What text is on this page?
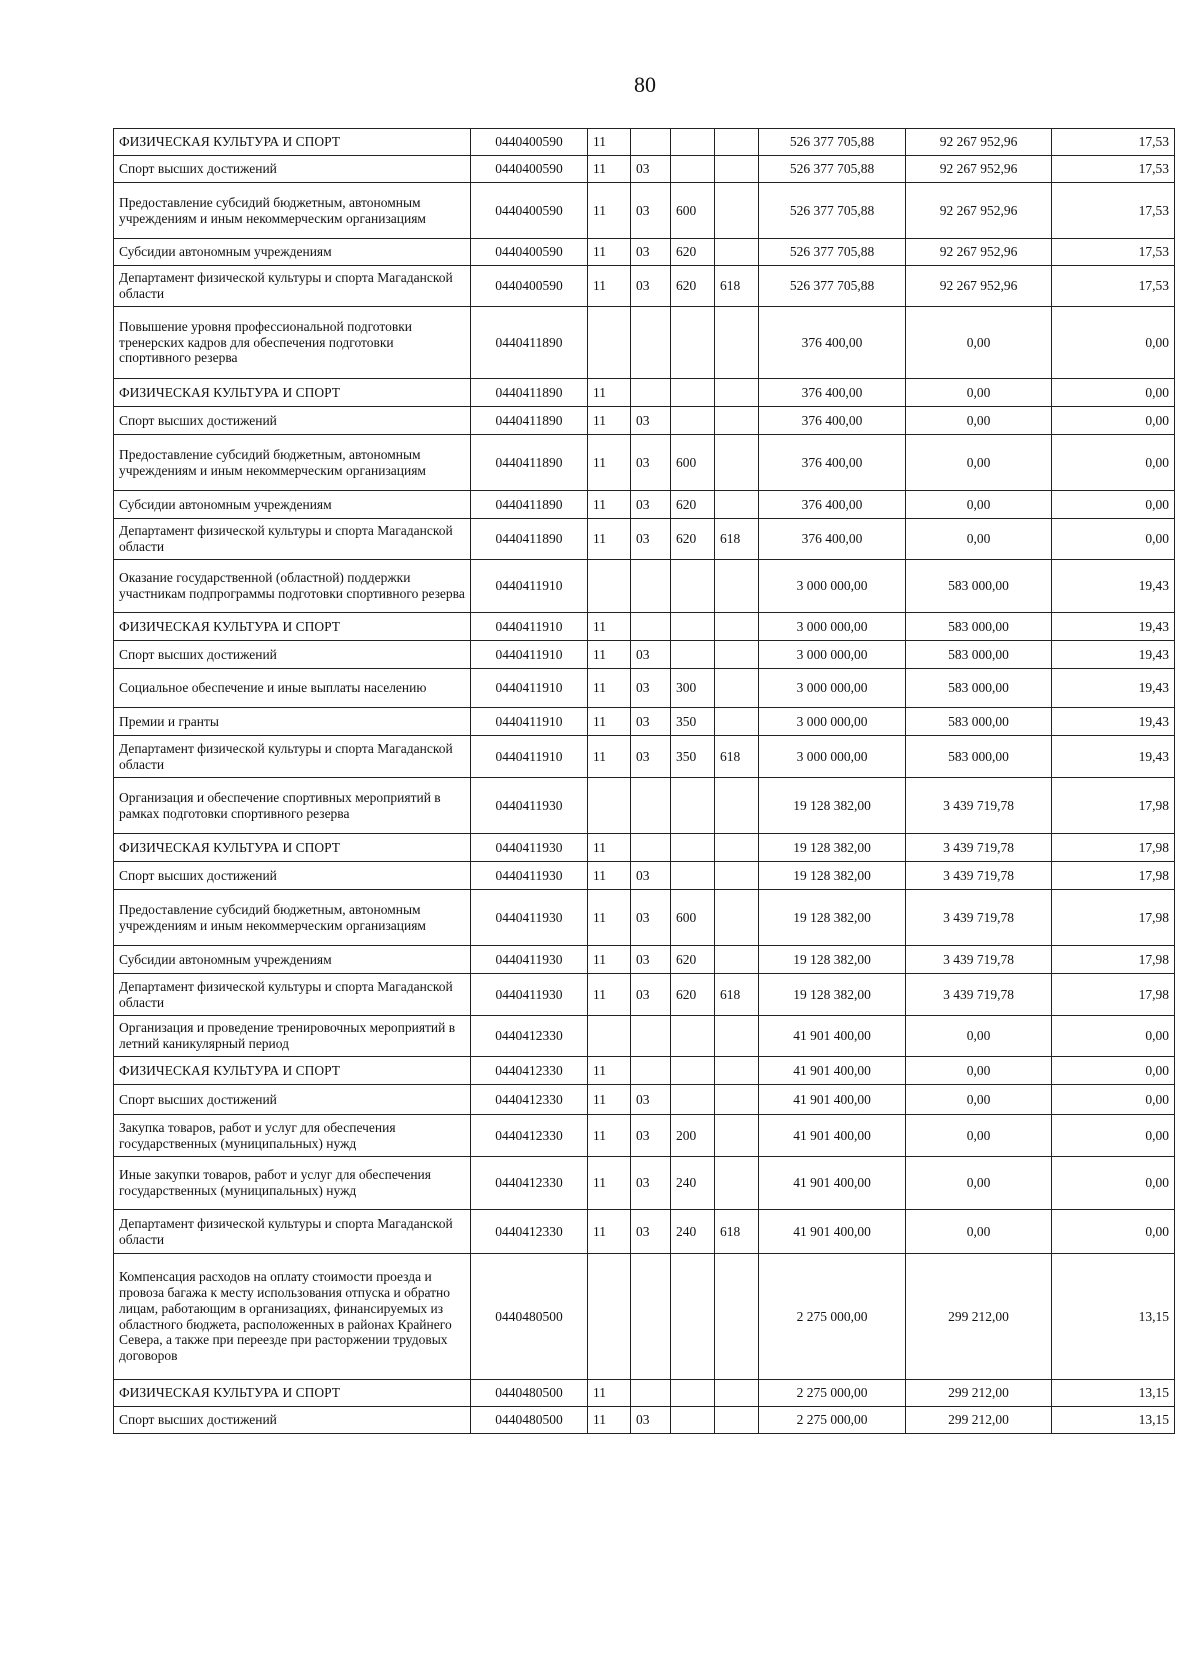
80
ФИЗИЧЕСКАЯ КУЛЬТУРА И СПОРТ	0440400590	11				526 377 705,88	92 267 952,96	17,53
Спорт высших достижений	0440400590	11	03			526 377 705,88	92 267 952,96	17,53
Предоставление субсидий бюджетным, автономным учреждениям и иным некоммерческим организациям	0440400590	11	03	600		526 377 705,88	92 267 952,96	17,53
Субсидии автономным учреждениям	0440400590	11	03	620		526 377 705,88	92 267 952,96	17,53
Департамент физической культуры и спорта Магаданской области	0440400590	11	03	620	618	526 377 705,88	92 267 952,96	17,53
Повышение уровня профессиональной подготовки тренерских кадров для обеспечения подготовки спортивного резерва	0440411890					376 400,00	0,00	0,00
ФИЗИЧЕСКАЯ КУЛЬТУРА И СПОРТ	0440411890	11				376 400,00	0,00	0,00
Спорт высших достижений	0440411890	11	03			376 400,00	0,00	0,00
Предоставление субсидий бюджетным, автономным учреждениям и иным некоммерческим организациям	0440411890	11	03	600		376 400,00	0,00	0,00
Субсидии автономным учреждениям	0440411890	11	03	620		376 400,00	0,00	0,00
Департамент физической культуры и спорта Магаданской области	0440411890	11	03	620	618	376 400,00	0,00	0,00
Оказание государственной (областной) поддержки участникам подпрограммы подготовки спортивного резерва	0440411910					3 000 000,00	583 000,00	19,43
ФИЗИЧЕСКАЯ КУЛЬТУРА И СПОРТ	0440411910	11				3 000 000,00	583 000,00	19,43
Спорт высших достижений	0440411910	11	03			3 000 000,00	583 000,00	19,43
Социальное обеспечение и иные выплаты населению	0440411910	11	03	300		3 000 000,00	583 000,00	19,43
Премии и гранты	0440411910	11	03	350		3 000 000,00	583 000,00	19,43
Департамент физической культуры и спорта Магаданской области	0440411910	11	03	350	618	3 000 000,00	583 000,00	19,43
Организация и обеспечение спортивных мероприятий в рамках подготовки спортивного резерва	0440411930					19 128 382,00	3 439 719,78	17,98
ФИЗИЧЕСКАЯ КУЛЬТУРА И СПОРТ	0440411930	11				19 128 382,00	3 439 719,78	17,98
Спорт высших достижений	0440411930	11	03			19 128 382,00	3 439 719,78	17,98
Предоставление субсидий бюджетным, автономным учреждениям и иным некоммерческим организациям	0440411930	11	03	600		19 128 382,00	3 439 719,78	17,98
Субсидии автономным учреждениям	0440411930	11	03	620		19 128 382,00	3 439 719,78	17,98
Департамент физической культуры и спорта Магаданской области	0440411930	11	03	620	618	19 128 382,00	3 439 719,78	17,98
Организация и проведение тренировочных мероприятий в летний каникулярный период	0440412330					41 901 400,00	0,00	0,00
ФИЗИЧЕСКАЯ КУЛЬТУРА И СПОРТ	0440412330	11				41 901 400,00	0,00	0,00
Спорт высших достижений	0440412330	11	03			41 901 400,00	0,00	0,00
Закупка товаров, работ и услуг для обеспечения государственных (муниципальных) нужд	0440412330	11	03	200		41 901 400,00	0,00	0,00
Иные закупки товаров, работ и услуг для обеспечения государственных (муниципальных) нужд	0440412330	11	03	240		41 901 400,00	0,00	0,00
Департамент физической культуры и спорта Магаданской области	0440412330	11	03	240	618	41 901 400,00	0,00	0,00
Компенсация расходов на оплату стоимости проезда и провоза багажа к месту использования отпуска и обратно лицам, работающим в организациях, финансируемых из областного бюджета, расположенных в районах Крайнего Севера, а также при переезде при расторжении трудовых договоров	0440480500					2 275 000,00	299 212,00	13,15
ФИЗИЧЕСКАЯ КУЛЬТУРА И СПОРТ	0440480500	11				2 275 000,00	299 212,00	13,15
Спорт высших достижений	0440480500	11	03			2 275 000,00	299 212,00	13,15
